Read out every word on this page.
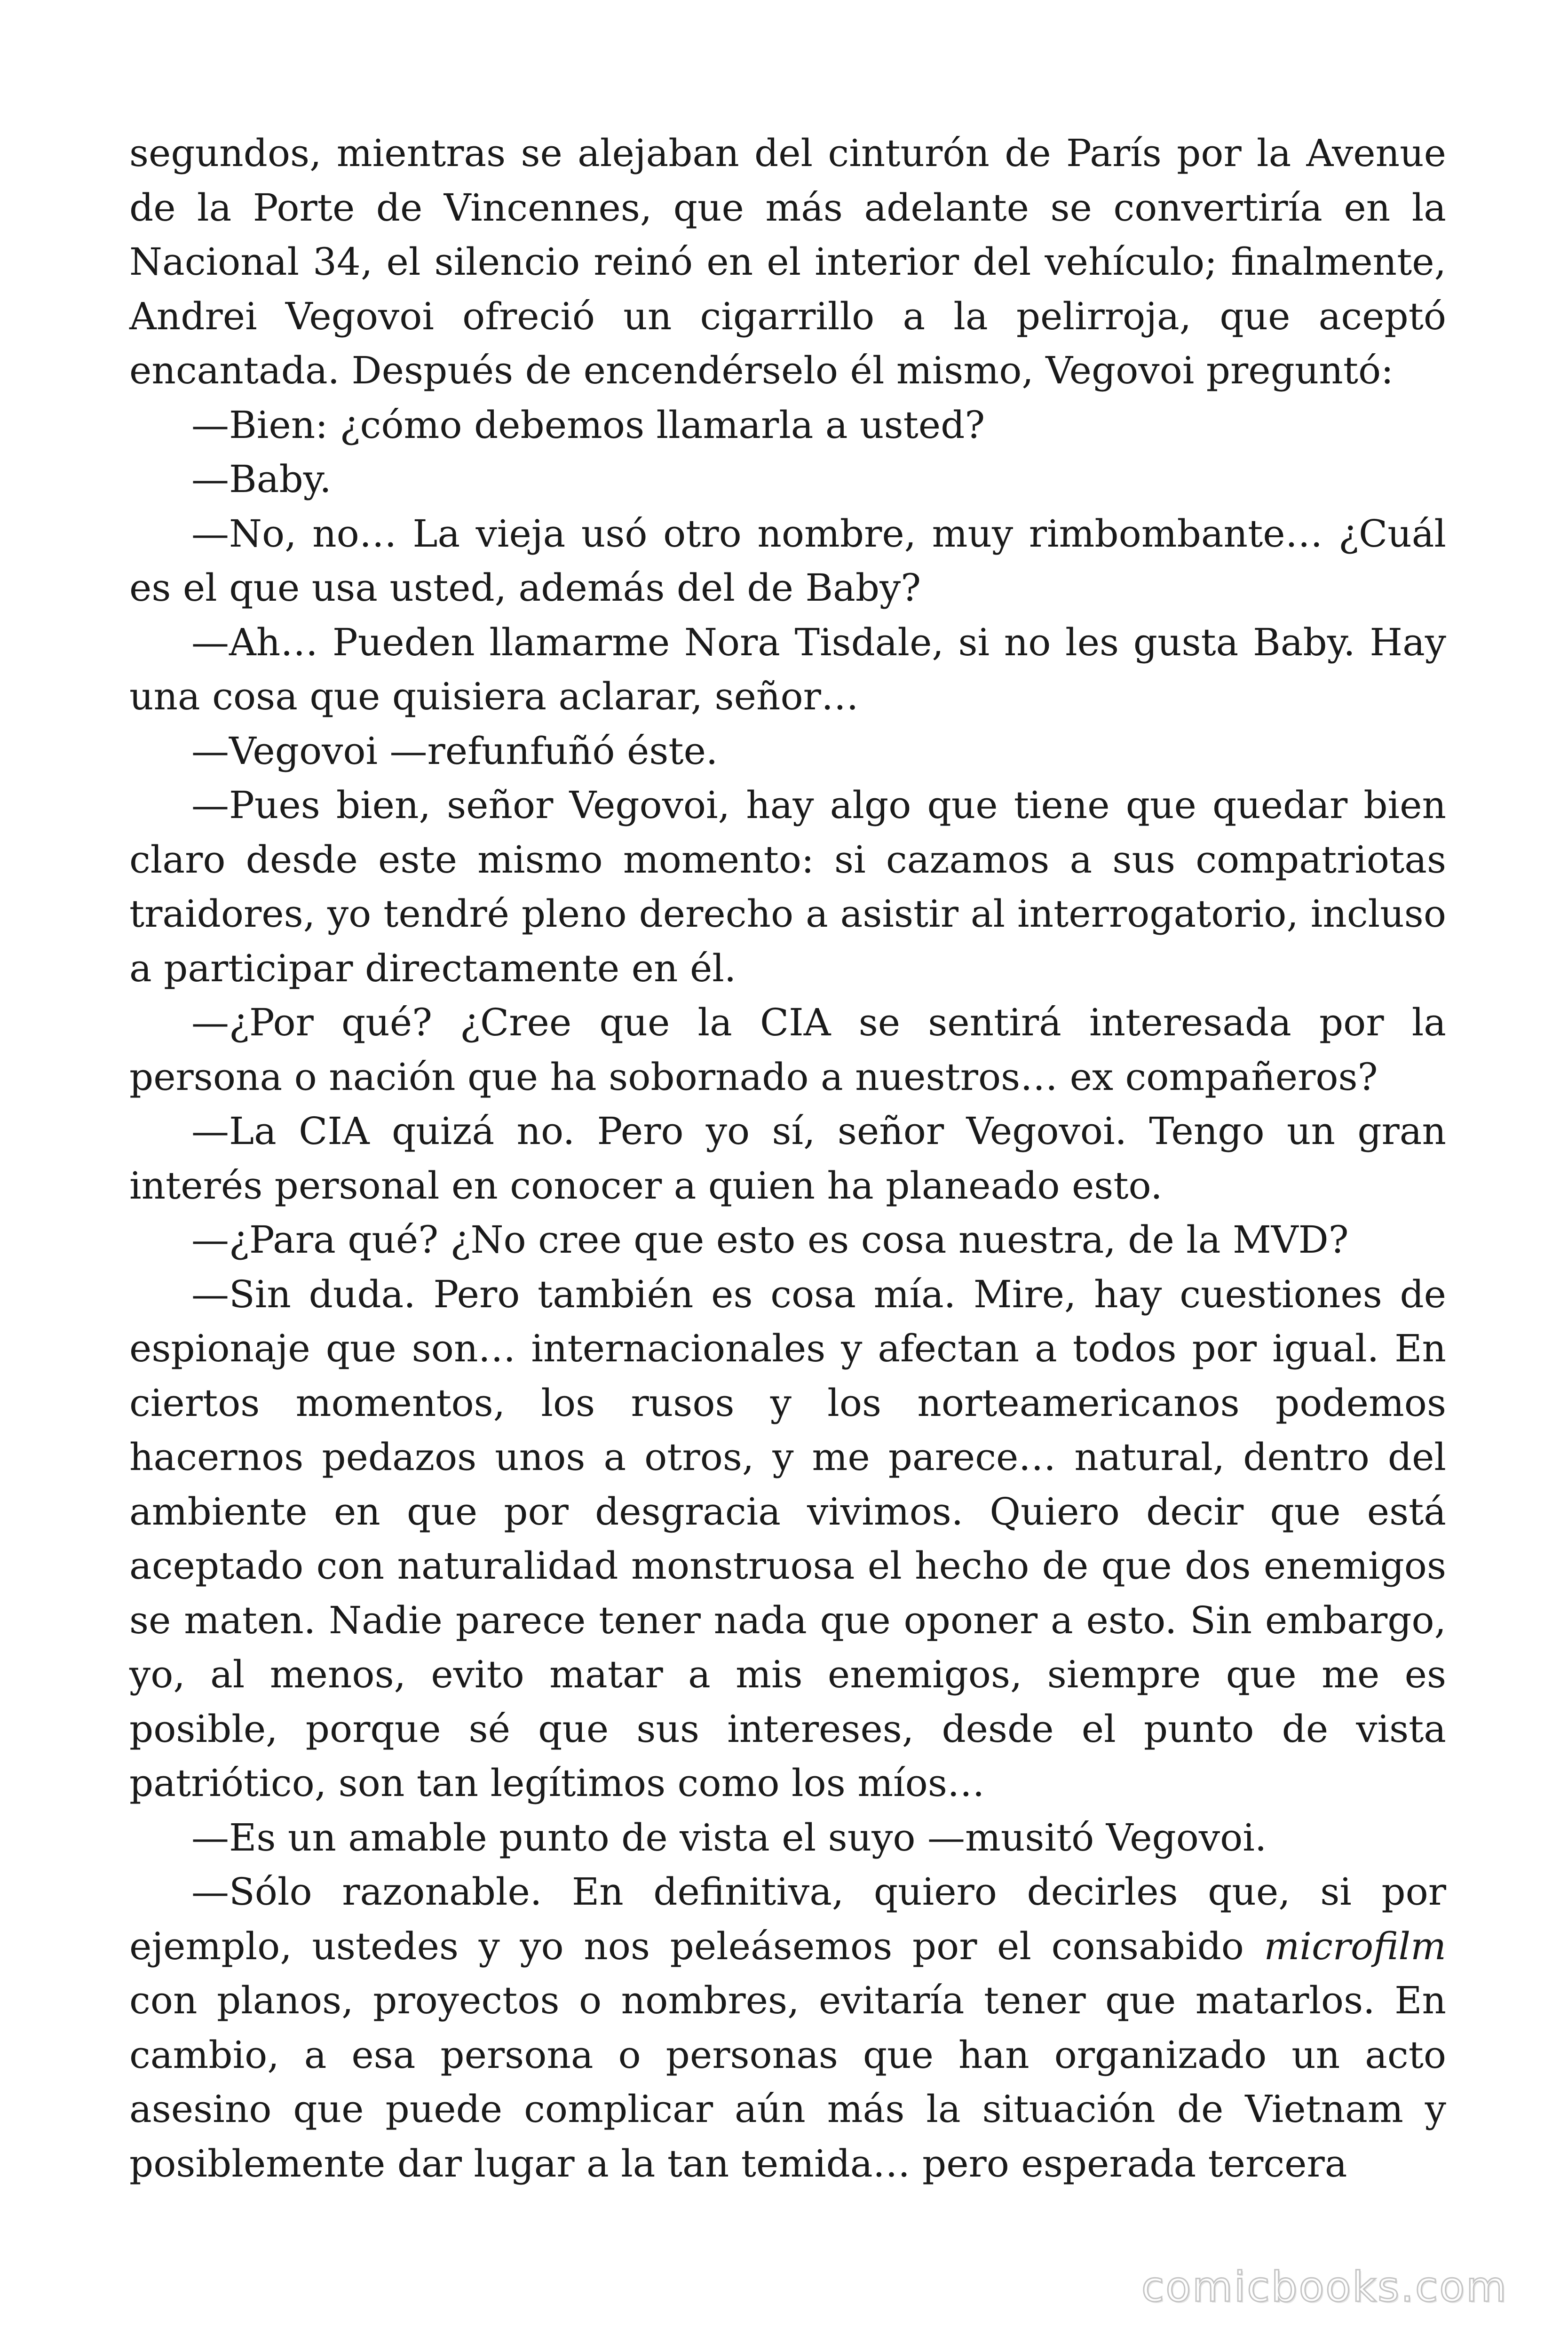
segundos, mientras se alejaban del cinturón de París por la Avenue de la Porte de Vincennes, que más adelante se convertiría en la Nacional 34, el silencio reinó en el interior del vehículo; finalmente, Andrei Vegovoi ofreció un cigarrillo a la pelirroja, que aceptó encantada. Después de encendérselo él mismo, Vegovoi preguntó:

—Bien: ¿cómo debemos llamarla a usted?

—Baby.

—No, no… La vieja usó otro nombre, muy rimbombante… ¿Cuál es el que usa usted, además del de Baby?

—Ah… Pueden llamarme Nora Tisdale, si no les gusta Baby. Hay una cosa que quisiera aclarar, señor…

—Vegovoi —refunfuñó éste.

—Pues bien, señor Vegovoi, hay algo que tiene que quedar bien claro desde este mismo momento: si cazamos a sus compatriotas traidores, yo tendré pleno derecho a asistir al interrogatorio, incluso a participar directamente en él.

—¿Por qué? ¿Cree que la CIA se sentirá interesada por la persona o nación que ha sobornado a nuestros… ex compañeros?

—La CIA quizá no. Pero yo sí, señor Vegovoi. Tengo un gran interés personal en conocer a quien ha planeado esto.

—¿Para qué? ¿No cree que esto es cosa nuestra, de la MVD?

—Sin duda. Pero también es cosa mía. Mire, hay cuestiones de espionaje que son… internacionales y afectan a todos por igual. En ciertos momentos, los rusos y los norteamericanos podemos hacernos pedazos unos a otros, y me parece… natural, dentro del ambiente en que por desgracia vivimos. Quiero decir que está aceptado con naturalidad monstruosa el hecho de que dos enemigos se maten. Nadie parece tener nada que oponer a esto. Sin embargo, yo, al menos, evito matar a mis enemigos, siempre que me es posible, porque sé que sus intereses, desde el punto de vista patriótico, son tan legítimos como los míos…

—Es un amable punto de vista el suyo —musitó Vegovoi.

—Sólo razonable. En definitiva, quiero decirles que, si por ejemplo, ustedes y yo nos peleásemos por el consabido microfilm con planos, proyectos o nombres, evitaría tener que matarlos. En cambio, a esa persona o personas que han organizado un acto asesino que puede complicar aún más la situación de Vietnam y posiblemente dar lugar a la tan temida… pero esperada tercera

comicbooks.com
